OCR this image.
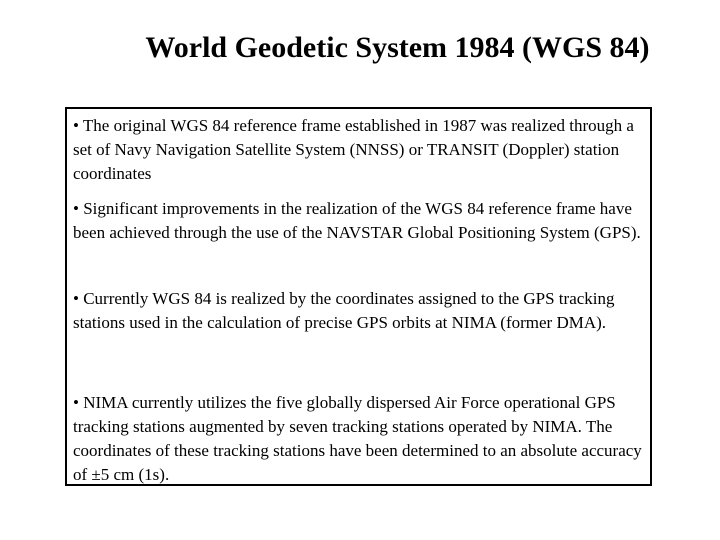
World Geodetic System 1984 (WGS 84)
• The original WGS 84 reference frame established in 1987 was realized through a set of Navy Navigation Satellite System (NNSS) or TRANSIT (Doppler) station coordinates
• Significant improvements in the realization of the WGS 84 reference frame have been achieved through the use of the NAVSTAR Global Positioning System (GPS).
• Currently WGS 84 is realized by the coordinates assigned to the GPS tracking stations used in the calculation of precise GPS orbits at NIMA (former DMA).
• NIMA currently utilizes the five globally dispersed Air Force operational GPS tracking stations augmented by seven tracking stations operated by NIMA. The coordinates of these tracking stations have been determined to an absolute accuracy of ±5 cm (1s).
